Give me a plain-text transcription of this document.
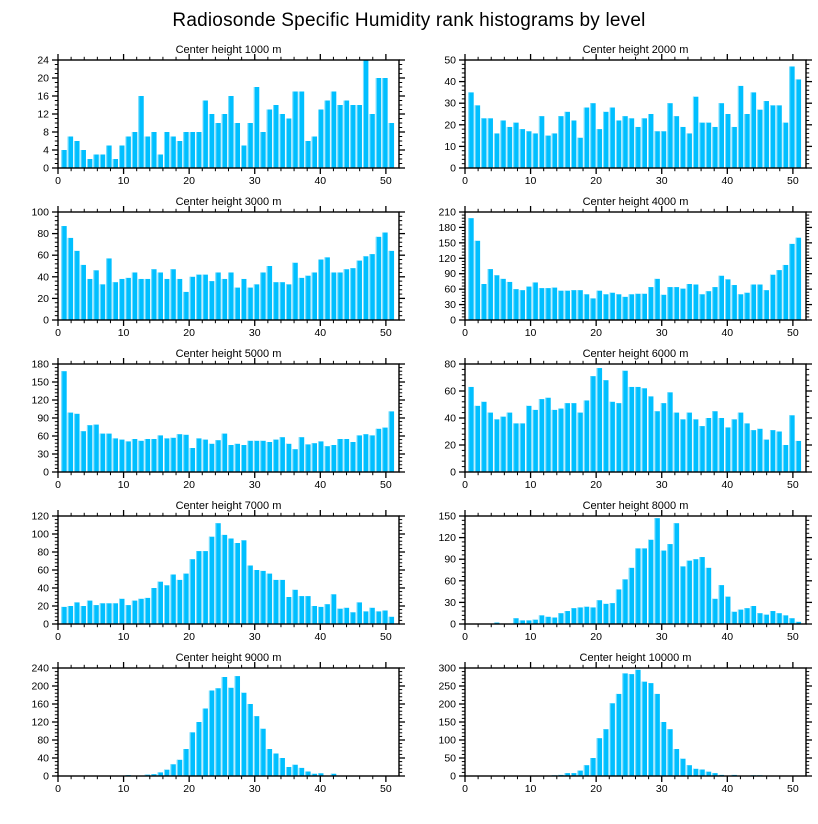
Radiosonde Specific Humidity rank histograms by level
Center height 1000 m
0	10	20	30	40	50
0
4
8
12
16
20
24
Center height 2000 m
0	10	20	30	40	50
0
10
20
30
40
50
Center height 3000 m
0	10	20	30	40	50
0
20
40
60
80
100
Center height 4000 m
0	10	20	30	40	50
0
30
60
90
120
150
180
210
Center height 5000 m
0	10	20	30	40	50
0
30
60
90
120
150
180
Center height 6000 m
0	10	20	30	40	50
0
20
40
60
80
Center height 7000 m
0	10	20	30	40	50
0
20
40
60
80
100
120
Center height 8000 m
0	10	20	30	40	50
0
30
60
90
120
150
Center height 9000 m
0	10	20	30	40	50
0
40
80
120
160
200
240
Center height 10000 m
0	10	20	30	40	50
0
50
100
150
200
250
300
